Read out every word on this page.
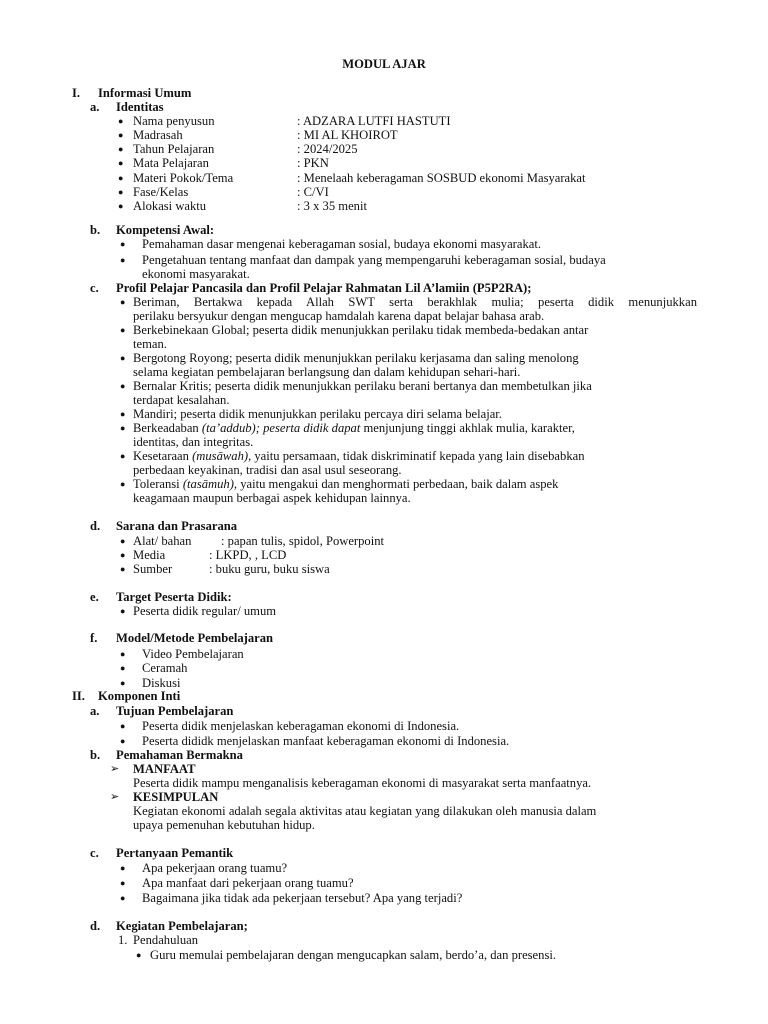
MODUL AJAR
I. Informasi Umum
a. Identitas
● Nama penyusun	: ADZARA LUTFI HASTUTI
● Madrasah	: MI AL KHOIROT
● Tahun Pelajaran	: 2024/2025
● Mata Pelajaran	: PKN
● Materi Pokok/Tema	: Menelaah keberagaman SOSBUD ekonomi Masyarakat
● Fase/Kelas	: C/VI
● Alokasi waktu	: 3 x 35 menit
b. Kompetensi Awal:
● Pemahaman dasar mengenai keberagaman sosial, budaya ekonomi masyarakat.
● Pengetahuan tentang manfaat dan dampak yang mempengaruhi keberagaman sosial, budaya
ekonomi masyarakat.
c. Profil Pelajar Pancasila dan Profil Pelajar Rahmatan Lil A’lamiin (P5P2RA);
● Beriman, Bertakwa kepada Allah SWT serta berakhlak mulia; peserta didik menunjukkan
perilaku bersyukur dengan mengucap hamdalah karena dapat belajar bahasa arab.
● Berkebinekaan Global; peserta didik menunjukkan perilaku tidak membeda-bedakan antar
teman.
● Bergotong Royong; peserta didik menunjukkan perilaku kerjasama dan saling menolong
selama kegiatan pembelajaran berlangsung dan dalam kehidupan sehari-hari.
● Bernalar Kritis; peserta didik menunjukkan perilaku berani bertanya dan membetulkan jika
terdapat kesalahan.
● Mandiri; peserta didik menunjukkan perilaku percaya diri selama belajar.
● Berkeadaban (ta’addub); peserta didik dapat menjunjung tinggi akhlak mulia, karakter,
identitas, dan integritas.
● Kesetaraan (musāwah), yaitu persamaan, tidak diskriminatif kepada yang lain disebabkan
perbedaan keyakinan, tradisi dan asal usul seseorang.
● Toleransi (tasāmuh), yaitu mengakui dan menghormati perbedaan, baik dalam aspek
keagamaan maupun berbagai aspek kehidupan lainnya.
d. Sarana dan Prasarana
● Alat/ bahan : papan tulis, spidol, Powerpoint
● Media	: LKPD, , LCD
● Sumber	: buku guru, buku siswa
e. Target Peserta Didik:
● Peserta didik regular/ umum
f. Model/Metode Pembelajaran
● Video Pembelajaran
● Ceramah
● Diskusi
II. Komponen Inti
a. Tujuan Pembelajaran
● Peserta didik menjelaskan keberagaman ekonomi di Indonesia.
● Peserta dididk menjelaskan manfaat keberagaman ekonomi di Indonesia.
b. Pemahaman Bermakna
➢ MANFAAT
Peserta didik mampu menganalisis keberagaman ekonomi di masyarakat serta manfaatnya.
➢ KESIMPULAN
Kegiatan ekonomi adalah segala aktivitas atau kegiatan yang dilakukan oleh manusia dalam
upaya pemenuhan kebutuhan hidup.
c. Pertanyaan Pemantik
● Apa pekerjaan orang tuamu?
● Apa manfaat dari pekerjaan orang tuamu?
● Bagaimana jika tidak ada pekerjaan tersebut? Apa yang terjadi?
d. Kegiatan Pembelajaran;
1. Pendahuluan
● Guru memulai pembelajaran dengan mengucapkan salam, berdo’a, dan presensi.
